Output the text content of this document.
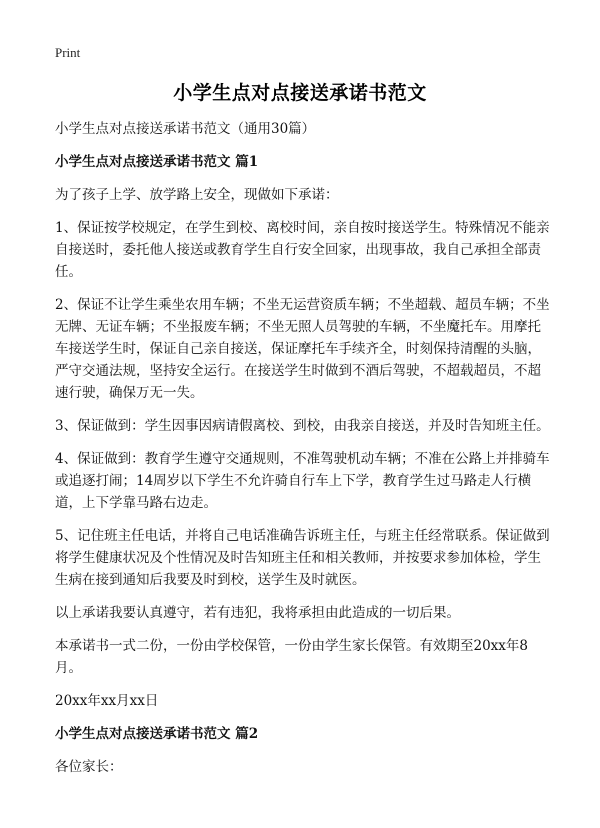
Print
小学生点对点接送承诺书范文
小学生点对点接送承诺书范文（通用30篇）
小学生点对点接送承诺书范文 篇1
为了孩子上学、放学路上安全，现做如下承诺：
1、保证按学校规定，在学生到校、离校时间，亲自按时接送学生。特殊情况不能亲自接送时，委托他人接送或教育学生自行安全回家，出现事故，我自己承担全部责任。
2、保证不让学生乘坐农用车辆；不坐无运营资质车辆；不坐超载、超员车辆；不坐无牌、无证车辆；不坐报废车辆；不坐无照人员驾驶的车辆，不坐魔托车。用摩托车接送学生时，保证自己亲自接送，保证摩托车手续齐全，时刻保持清醒的头脑，严守交通法规，坚持安全运行。在接送学生时做到不酒后驾驶，不超载超员，不超速行驶，确保万无一失。
3、保证做到：学生因事因病请假离校、到校，由我亲自接送，并及时告知班主任。
4、保证做到：教育学生遵守交通规则，不准驾驶机动车辆；不准在公路上并排骑车或追逐打闹；14周岁以下学生不允许骑自行车上下学，教育学生过马路走人行横道，上下学靠马路右边走。
5、记住班主任电话，并将自己电话准确告诉班主任，与班主任经常联系。保证做到将学生健康状况及个性情况及时告知班主任和相关教师，并按要求参加体检，学生生病在接到通知后我要及时到校，送学生及时就医。
以上承诺我要认真遵守，若有违犯，我将承担由此造成的一切后果。
本承诺书一式二份，一份由学校保管，一份由学生家长保管。有效期至20xx年8月。
20xx年xx月xx日
小学生点对点接送承诺书范文 篇2
各位家长：
